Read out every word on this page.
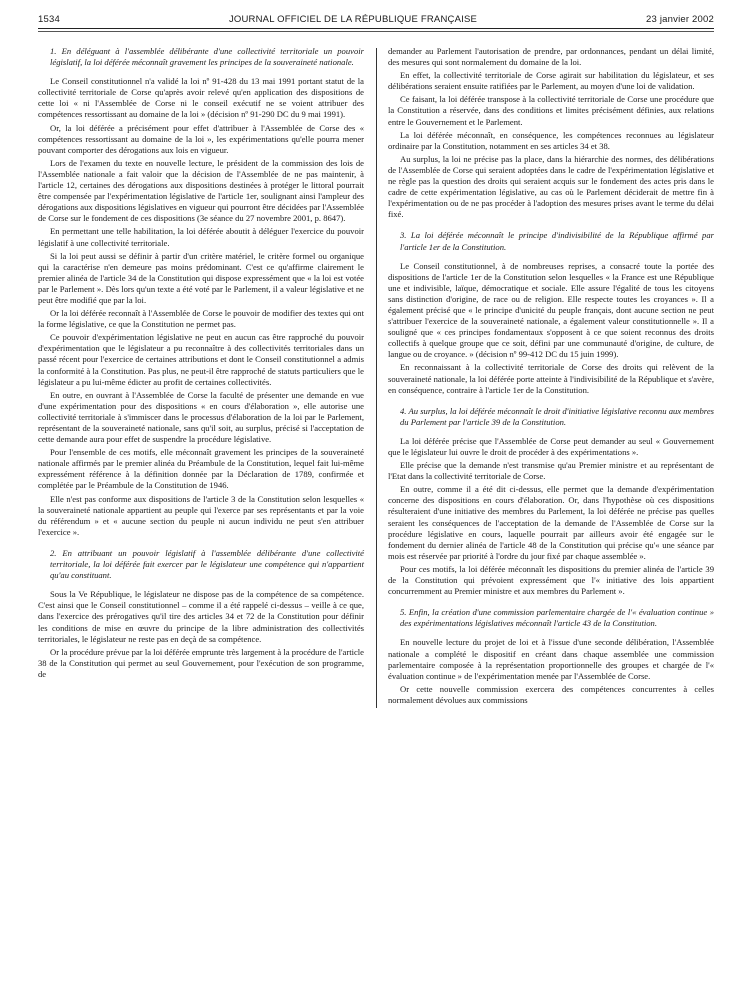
1534	JOURNAL OFFICIEL DE LA RÉPUBLIQUE FRANÇAISE	23 janvier 2002

1. En déléguant à l'assemblée délibérante d'une collectivité territoriale un pouvoir législatif, la loi déférée méconnaît gravement les principes de la souveraineté nationale.

Le Conseil constitutionnel n'a validé la loi nº 91-428 du 13 mai 1991 portant statut de la collectivité territoriale de Corse qu'après avoir relevé qu'en application des dispositions de cette loi « ni l'Assemblée de Corse ni le conseil exécutif ne se voient attribuer des compétences ressortissant au domaine de la loi » (décision nº 91-290 DC du 9 mai 1991).

Or, la loi déférée a précisément pour effet d'attribuer à l'Assemblée de Corse des « compétences ressortissant au domaine de la loi », les expérimentations qu'elle pourra mener pouvant comporter des dérogations aux lois en vigueur.

Lors de l'examen du texte en nouvelle lecture, le président de la commission des lois de l'Assemblée nationale a fait valoir que la décision de l'Assemblée de ne pas maintenir, à l'article 12, certaines des dérogations aux dispositions destinées à protéger le littoral pourrait être compensée par l'expérimentation législative de l'article 1er, soulignant ainsi l'ampleur des dérogations aux dispositions législatives en vigueur qui pourront être décidées par l'Assemblée de Corse sur le fondement de ces dispositions (3e séance du 27 novembre 2001, p. 8647).

En permettant une telle habilitation, la loi déférée aboutit à déléguer l'exercice du pouvoir législatif à une collectivité territoriale.

Si la loi peut aussi se définir à partir d'un critère matériel, le critère formel ou organique qui la caractérise n'en demeure pas moins prédominant. C'est ce qu'affirme clairement le premier alinéa de l'article 34 de la Constitution qui dispose expressément que « la loi est votée par le Parlement ». Dès lors qu'un texte a été voté par le Parlement, il a valeur législative et ne peut être modifié que par la loi.

Or la loi déférée reconnaît à l'Assemblée de Corse le pouvoir de modifier des textes qui ont la forme législative, ce que la Constitution ne permet pas.

Ce pouvoir d'expérimentation législative ne peut en aucun cas être rapproché du pouvoir d'expérimentation que le législateur a pu reconnaître à des collectivités territoriales dans un passé récent pour l'exercice de certaines attributions et dont le Conseil constitutionnel a admis la conformité à la Constitution. Pas plus, ne peut-il être rapproché de statuts particuliers que le législateur a pu lui-même édicter au profit de certaines collectivités.

En outre, en ouvrant à l'Assemblée de Corse la faculté de présenter une demande en vue d'une expérimentation pour des dispositions « en cours d'élaboration », elle autorise une collectivité territoriale à s'immiscer dans le processus d'élaboration de la loi par le Parlement, représentant de la souveraineté nationale, sans qu'il soit, au surplus, précisé si l'acceptation de cette demande aura pour effet de suspendre la procédure législative.

Pour l'ensemble de ces motifs, elle méconnaît gravement les principes de la souveraineté nationale affirmés par le premier alinéa du Préambule de la Constitution, lequel fait lui-même expressément référence à la définition donnée par la Déclaration de 1789, confirmée et complétée par le Préambule de la Constitution de 1946.

Elle n'est pas conforme aux dispositions de l'article 3 de la Constitution selon lesquelles « la souveraineté nationale appartient au peuple qui l'exerce par ses représentants et par la voie du référendum » et « aucune section du peuple ni aucun individu ne peut s'en attribuer l'exercice ».

2. En attribuant un pouvoir législatif à l'assemblée délibérante d'une collectivité territoriale, la loi déférée fait exercer par le législateur une compétence qui n'appartient qu'au constituant.

Sous la Ve République, le législateur ne dispose pas de la compétence de sa compétence. C'est ainsi que le Conseil constitutionnel – comme il a été rappelé ci-dessus – veille à ce que, dans l'exercice des prérogatives qu'il tire des articles 34 et 72 de la Constitution pour définir les conditions de mise en œuvre du principe de la libre administration des collectivités territoriales, le législateur ne reste pas en deçà de sa compétence.

Or la procédure prévue par la loi déférée emprunte très largement à la procédure de l'article 38 de la Constitution qui permet au seul Gouvernement, pour l'exécution de son programme, de

demander au Parlement l'autorisation de prendre, par ordonnances, pendant un délai limité, des mesures qui sont normalement du domaine de la loi.

En effet, la collectivité territoriale de Corse agirait sur habilitation du législateur, et ses délibérations seraient ensuite ratifiées par le Parlement, au moyen d'une loi de validation.

Ce faisant, la loi déférée transpose à la collectivité territoriale de Corse une procédure que la Constitution a réservée, dans des conditions et limites précisément définies, aux relations entre le Gouvernement et le Parlement.

La loi déférée méconnaît, en conséquence, les compétences reconnues au législateur ordinaire par la Constitution, notamment en ses articles 34 et 38.

Au surplus, la loi ne précise pas la place, dans la hiérarchie des normes, des délibérations de l'Assemblée de Corse qui seraient adoptées dans le cadre de l'expérimentation législative et ne règle pas la question des droits qui seraient acquis sur le fondement des actes pris dans le cadre de cette expérimentation législative, au cas où le Parlement déciderait de mettre fin à l'expérimentation ou de ne pas procéder à l'adoption des mesures prises avant le terme du délai fixé.

3. La loi déférée méconnaît le principe d'indivisibilité de la République affirmé par l'article 1er de la Constitution.

Le Conseil constitutionnel, à de nombreuses reprises, a consacré toute la portée des dispositions de l'article 1er de la Constitution selon lesquelles « la France est une République une et indivisible, laïque, démocratique et sociale. Elle assure l'égalité de tous les citoyens sans distinction d'origine, de race ou de religion. Elle respecte toutes les croyances ». Il a également précisé que « le principe d'unicité du peuple français, dont aucune section ne peut s'attribuer l'exercice de la souveraineté nationale, a également valeur constitutionnelle ». Il a souligné que « ces principes fondamentaux s'opposent à ce que soient reconnus des droits collectifs à quelque groupe que ce soit, défini par une communauté d'origine, de culture, de langue ou de croyance. » (décision nº 99-412 DC du 15 juin 1999).

En reconnaissant à la collectivité territoriale de Corse des droits qui relèvent de la souveraineté nationale, la loi déférée porte atteinte à l'indivisibilité de la République et s'avère, en conséquence, contraire à l'article 1er de la Constitution.

4. Au surplus, la loi déférée méconnaît le droit d'initiative législative reconnu aux membres du Parlement par l'article 39 de la Constitution.

La loi déférée précise que l'Assemblée de Corse peut demander au seul « Gouvernement que le législateur lui ouvre le droit de procéder à des expérimentations ».

Elle précise que la demande n'est transmise qu'au Premier ministre et au représentant de l'Etat dans la collectivité territoriale de Corse.

En outre, comme il a été dit ci-dessus, elle permet que la demande d'expérimentation concerne des dispositions en cours d'élaboration. Or, dans l'hypothèse où ces dispositions résulteraient d'une initiative des membres du Parlement, la loi déférée ne précise pas quelles seraient les conséquences de l'acceptation de la demande de l'Assemblée de Corse sur la procédure législative en cours, laquelle pourrait par ailleurs avoir été engagée sur le fondement du dernier alinéa de l'article 48 de la Constitution qui précise qu'« une séance par mois est réservée par priorité à l'ordre du jour fixé par chaque assemblée ».

Pour ces motifs, la loi déférée méconnaît les dispositions du premier alinéa de l'article 39 de la Constitution qui prévoient expressément que l'« initiative des lois appartient concurremment au Premier ministre et aux membres du Parlement ».

5. Enfin, la création d'une commission parlementaire chargée de l'« évaluation continue » des expérimentations législatives méconnaît l'article 43 de la Constitution.

En nouvelle lecture du projet de loi et à l'issue d'une seconde délibération, l'Assemblée nationale a complété le dispositif en créant dans chaque assemblée une commission parlementaire composée à la représentation proportionnelle des groupes et chargée de l'« évaluation continue » de l'expérimentation menée par l'Assemblée de Corse.

Or cette nouvelle commission exercera des compétences concurrentes à celles normalement dévolues aux commissions
